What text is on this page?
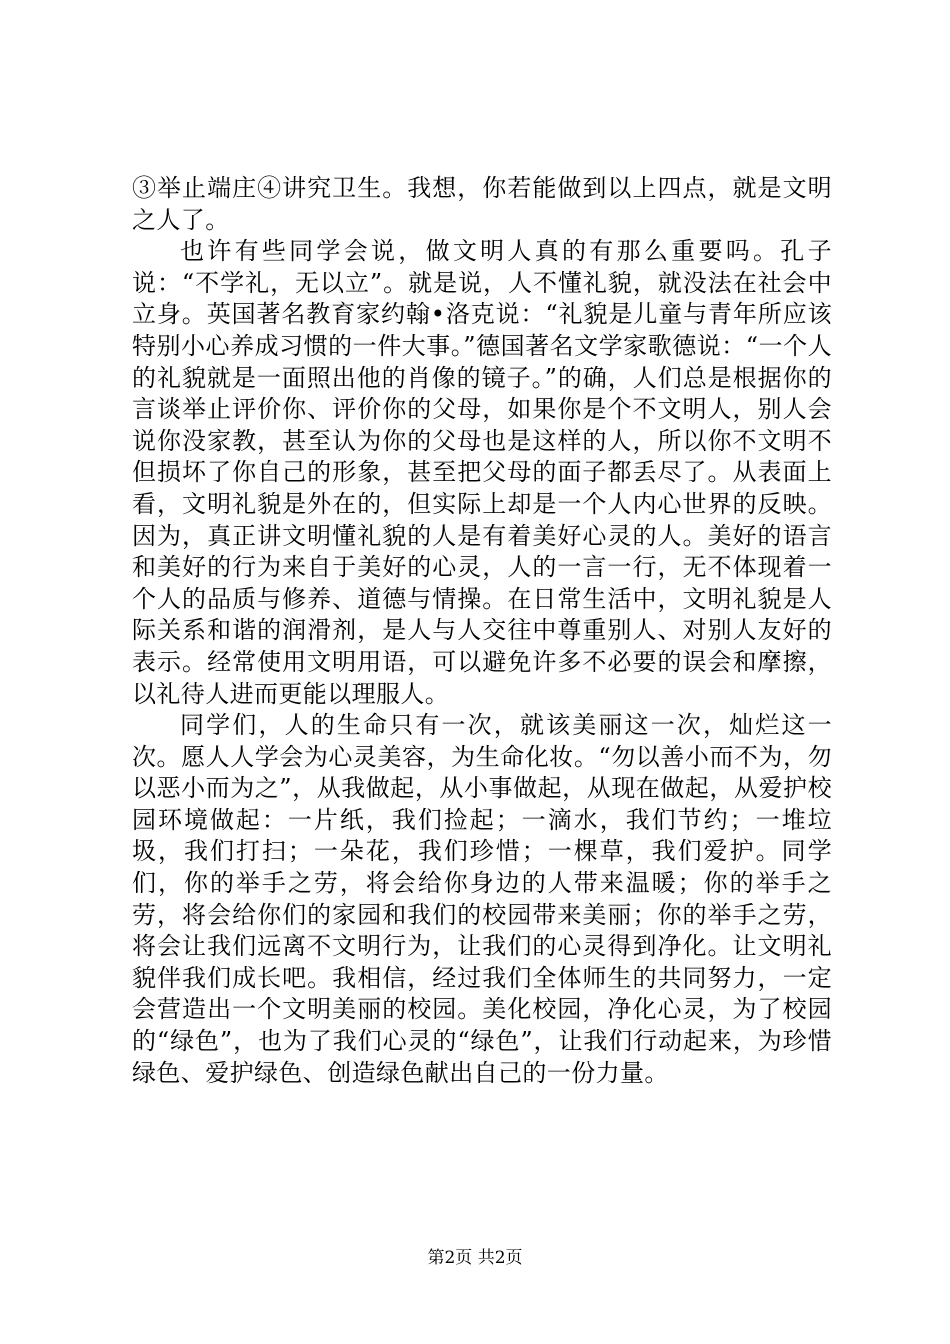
③举止端庄④讲究卫生。我想，你若能做到以上四点，就是文明之人了。

也许有些同学会说，做文明人真的有那么重要吗。孔子说：“不学礼，无以立”。就是说，人不懂礼貌，就没法在社会中立身。英国著名教育家约翰•洛克说：“礼貌是儿童与青年所应该特别小心养成习惯的一件大事。”德国著名文学家歌德说：“一个人的礼貌就是一面照出他的肖像的镜子。”的确，人们总是根据你的言谈举止评价你、评价你的父母，如果你是个不文明人，别人会说你没家教，甚至认为你的父母也是这样的人，所以你不文明不但损坏了你自己的形象，甚至把父母的面子都丢尽了。从表面上看，文明礼貌是外在的，但实际上却是一个人内心世界的反映。因为，真正讲文明懂礼貌的人是有着美好心灵的人。美好的语言和美好的行为来自于美好的心灵，人的一言一行，无不体现着一个人的品质与修养、道德与情操。在日常生活中，文明礼貌是人际关系和谐的润滑剂，是人与人交往中尊重别人、对别人友好的表示。经常使用文明用语，可以避免许多不必要的误会和摩擦，以礼待人进而更能以理服人。

同学们，人的生命只有一次，就该美丽这一次，灿烂这一次。愿人人学会为心灵美容，为生命化妆。“勿以善小而不为，勿以恶小而为之”，从我做起，从小事做起，从现在做起，从爱护校园环境做起：一片纸，我们捡起；一滴水，我们节约；一堆垃圾，我们打扫；一朵花，我们珍惜；一棵草，我们爱护。同学们，你的举手之劳，将会给你身边的人带来温暖；你的举手之劳，将会给你们的家园和我们的校园带来美丽；你的举手之劳，将会让我们远离不文明行为，让我们的心灵得到净化。让文明礼貌伴我们成长吧。我相信，经过我们全体师生的共同努力，一定会营造出一个文明美丽的校园。美化校园，净化心灵，为了校园的“绿色”，也为了我们心灵的“绿色”，让我们行动起来，为珍惜绿色、爱护绿色、创造绿色献出自己的一份力量。

第2页 共2页
